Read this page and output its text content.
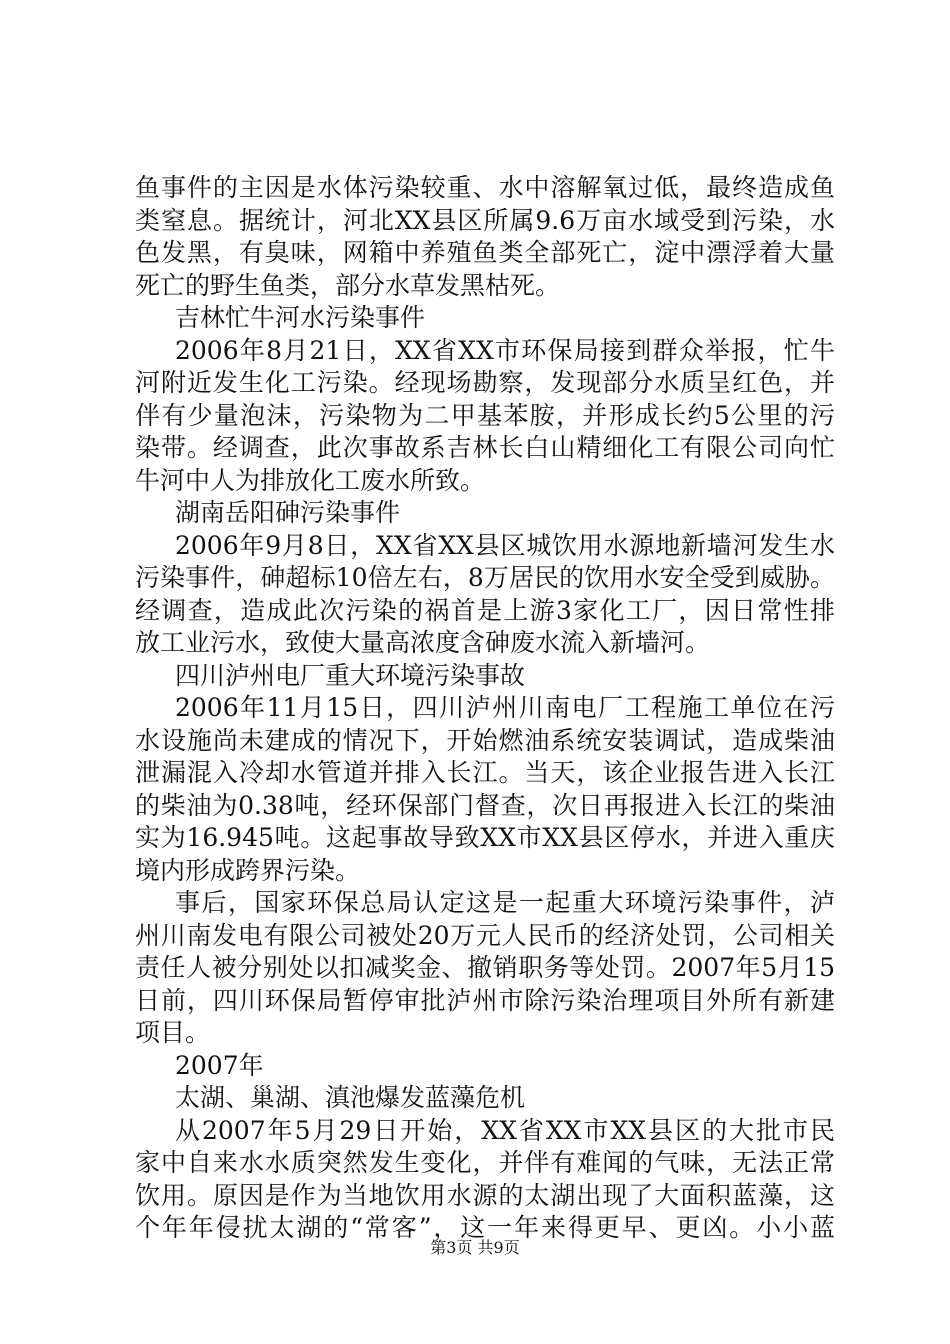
鱼事件的主因是水体污染较重、水中溶解氧过低，最终造成鱼
类窒息。据统计，河北XX县区所属9.6万亩水域受到污染，水
色发黑，有臭味，网箱中养殖鱼类全部死亡，淀中漂浮着大量
死亡的野生鱼类，部分水草发黑枯死。
吉林忙牛河水污染事件
2006年8月21日，XX省XX市环保局接到群众举报，忙牛
河附近发生化工污染。经现场勘察，发现部分水质呈红色，并
伴有少量泡沫，污染物为二甲基苯胺，并形成长约5公里的污
染带。经调查，此次事故系吉林长白山精细化工有限公司向忙
牛河中人为排放化工废水所致。
湖南岳阳砷污染事件
2006年9月8日，XX省XX县区城饮用水源地新墙河发生水
污染事件，砷超标10倍左右，8万居民的饮用水安全受到威胁。
经调查，造成此次污染的祸首是上游3家化工厂，因日常性排
放工业污水，致使大量高浓度含砷废水流入新墙河。
四川泸州电厂重大环境污染事故
2006年11月15日，四川泸州川南电厂工程施工单位在污
水设施尚未建成的情况下，开始燃油系统安装调试，造成柴油
泄漏混入冷却水管道并排入长江。当天，该企业报告进入长江
的柴油为0.38吨，经环保部门督查，次日再报进入长江的柴油
实为16.945吨。这起事故导致XX市XX县区停水，并进入重庆
境内形成跨界污染。
事后，国家环保总局认定这是一起重大环境污染事件，泸
州川南发电有限公司被处20万元人民币的经济处罚，公司相关
责任人被分别处以扣减奖金、撤销职务等处罚。2007年5月15
日前，四川环保局暂停审批泸州市除污染治理项目外所有新建
项目。
2007年
太湖、巢湖、滇池爆发蓝藻危机
从2007年5月29日开始，XX省XX市XX县区的大批市民
家中自来水水质突然发生变化，并伴有难闻的气味，无法正常
饮用。原因是作为当地饮用水源的太湖出现了大面积蓝藻，这
个年年侵扰太湖的“常客”，这一年来得更早、更凶。小小蓝
第3页 共9页
